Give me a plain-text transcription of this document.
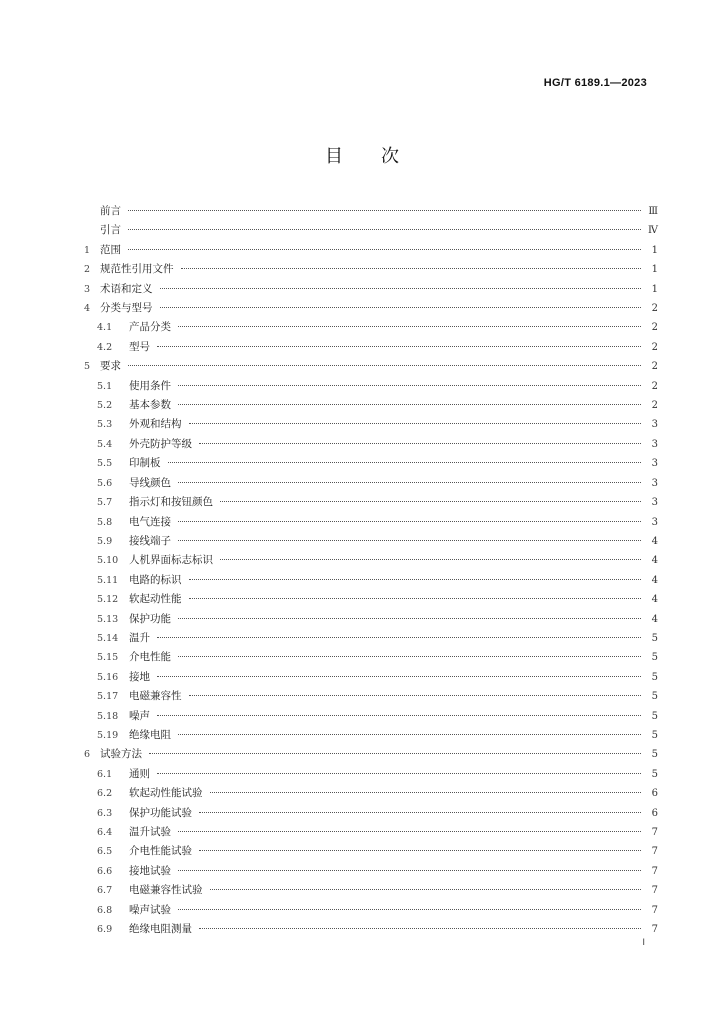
HG/T 6189.1—2023
目次
前言	Ⅲ
引言	Ⅳ
1 范围	1
2 规范性引用文件	1
3 术语和定义	1
4 分类与型号	2
4.1	产品分类	2
4.2	型号	2
5 要求	2
5.1	使用条件	2
5.2	基本参数	2
5.3	外观和结构	3
5.4	外壳防护等级	3
5.5	印制板	3
5.6	导线颜色	3
5.7	指示灯和按钮颜色	3
5.8	电气连接	3
5.9	接线端子	4
5.10	人机界面标志标识	4
5.11	电路的标识	4
5.12	软起动性能	4
5.13	保护功能	4
5.14	温升	5
5.15	介电性能	5
5.16	接地	5
5.17	电磁兼容性	5
5.18	噪声	5
5.19	绝缘电阻	5
6 试验方法	5
6.1	通则	5
6.2	软起动性能试验	6
6.3	保护功能试验	6
6.4	温升试验	7
6.5	介电性能试验	7
6.6	接地试验	7
6.7	电磁兼容性试验	7
6.8	噪声试验	7
6.9	绝缘电阻测量	7
Ⅰ
